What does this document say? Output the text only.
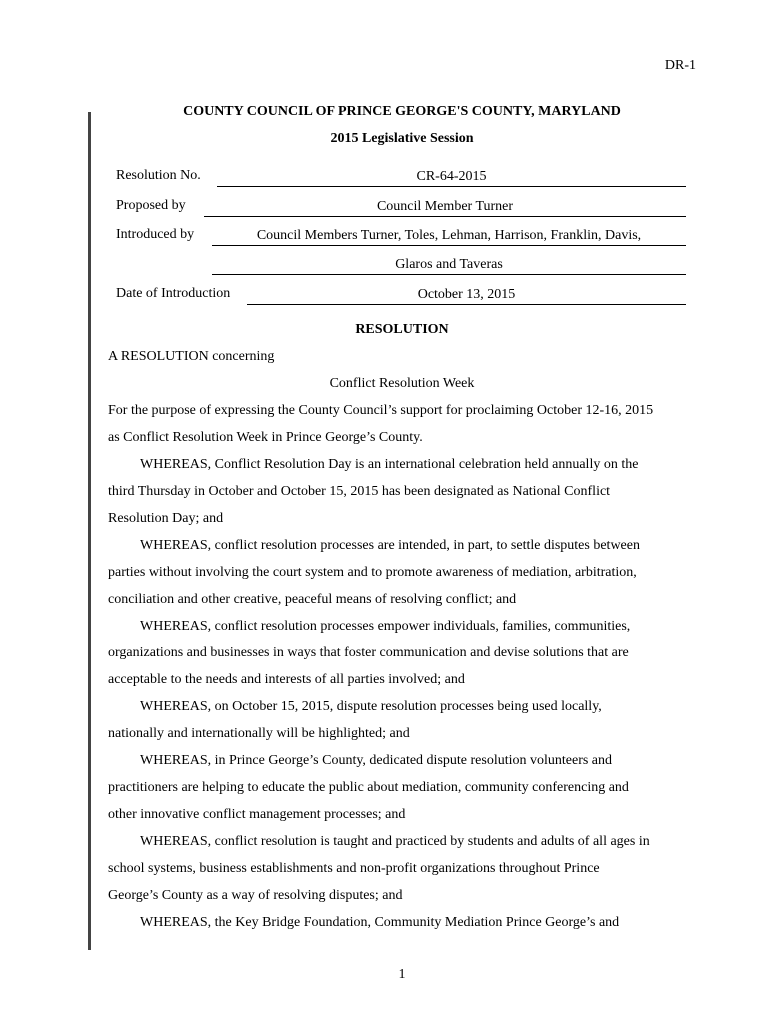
DR-1
COUNTY COUNCIL OF PRINCE GEORGE'S COUNTY, MARYLAND
2015 Legislative Session
Resolution No.	CR-64-2015
Proposed by	Council Member Turner
Introduced by	Council Members Turner, Toles, Lehman, Harrison, Franklin, Davis,
Glaros and Taveras
Date of Introduction	October 13, 2015
RESOLUTION
A RESOLUTION concerning
Conflict Resolution Week
For the purpose of expressing the County Council’s support for proclaiming October 12-16, 2015
as Conflict Resolution Week in Prince George’s County.
WHEREAS, Conflict Resolution Day is an international celebration held annually on the
third Thursday in October and October 15, 2015 has been designated as National Conflict
Resolution Day; and
WHEREAS, conflict resolution processes are intended, in part, to settle disputes between
parties without involving the court system and to promote awareness of mediation, arbitration,
conciliation and other creative, peaceful means of resolving conflict; and
WHEREAS, conflict resolution processes empower individuals, families, communities,
organizations and businesses in ways that foster communication and devise solutions that are
acceptable to the needs and interests of all parties involved; and
WHEREAS, on October 15, 2015, dispute resolution processes being used locally,
nationally and internationally will be highlighted; and
WHEREAS, in Prince George’s County, dedicated dispute resolution volunteers and
practitioners are helping to educate the public about mediation, community conferencing and
other innovative conflict management processes; and
WHEREAS, conflict resolution is taught and practiced by students and adults of all ages in
school systems, business establishments and non-profit organizations throughout Prince
George’s County as a way of resolving disputes; and
WHEREAS, the Key Bridge Foundation, Community Mediation Prince George’s and
1
